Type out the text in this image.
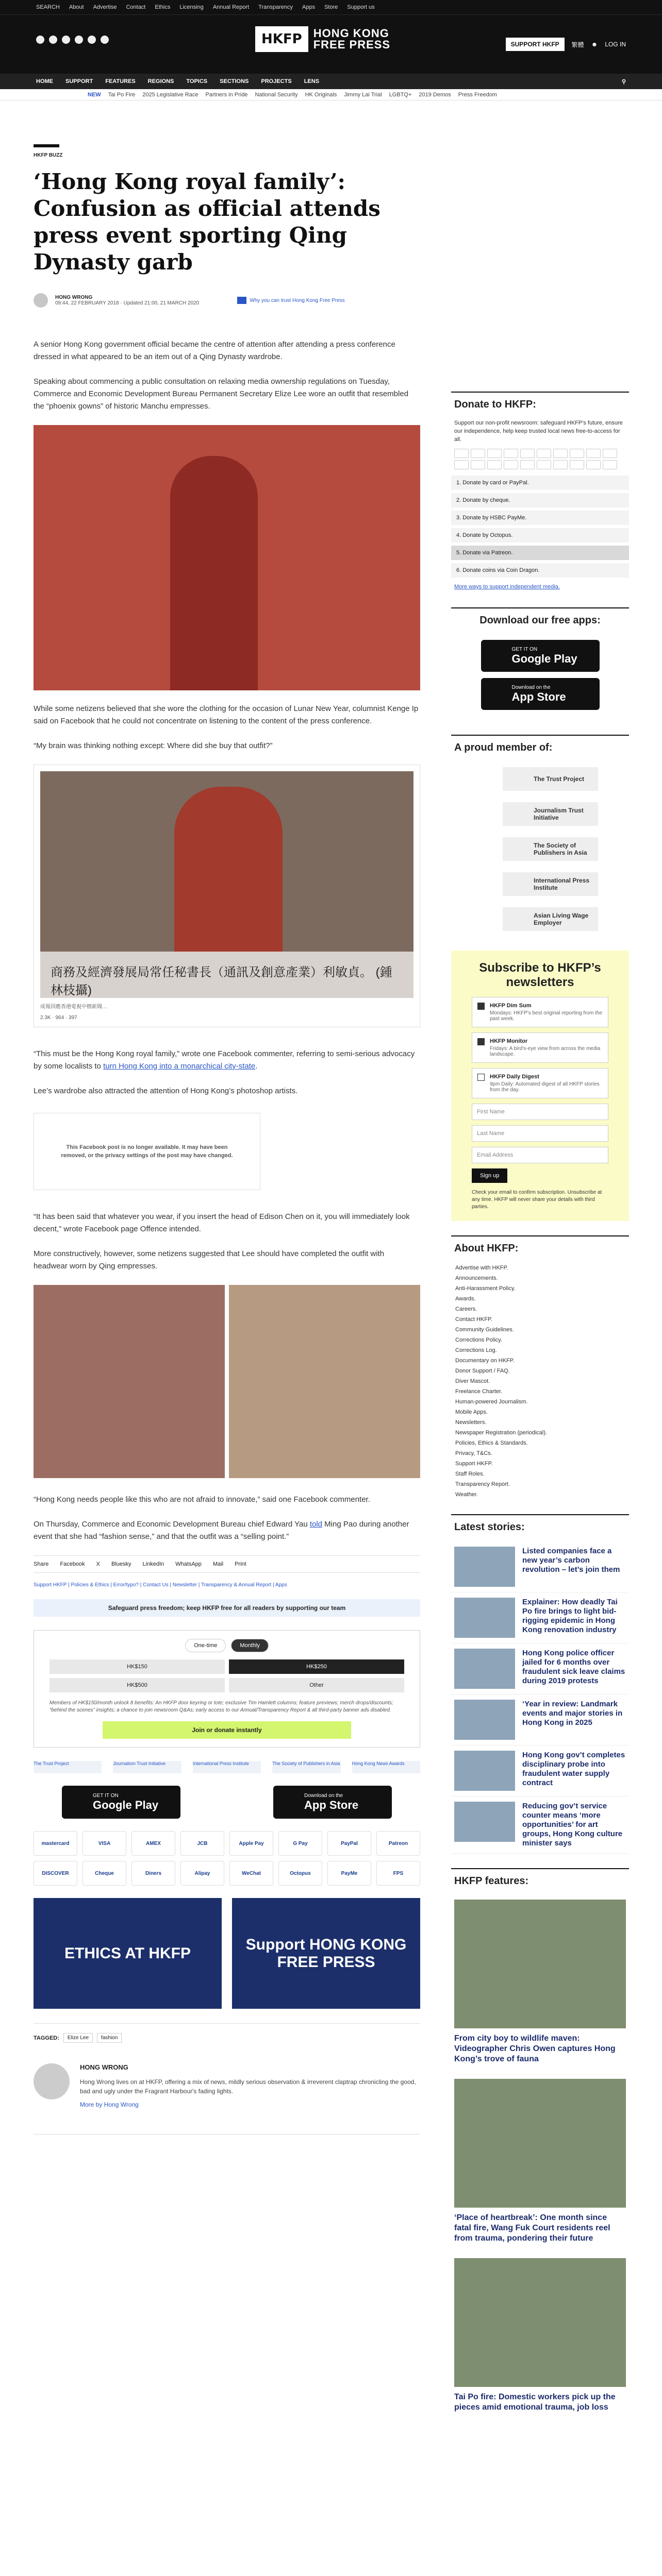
SEARCH About Advertise Contact Ethics Licensing Annual Report Transparency Apps Store Support us
HKFP	HONG KONG
FREE PRESS	SUPPORT HKFP	繁體 ☻ LOG IN
HOME SUPPORT FEATURES REGIONS TOPICS SECTIONS PROJECTS LENS	⚲
NEW Tai Po Fire 2025 Legislative Race Partners in Pride National Security HK Originals Jimmy Lai Trial LGBTQ+ 2019 Demos Press Freedom
HKFP BUZZ
‘Hong Kong royal family’: Confusion as official attends press event sporting Qing Dynasty garb
HONG WRONG
09:44, 22 FEBRUARY 2018 · Updated 21:00, 21 MARCH 2020	Why you can trust Hong Kong Free Press

A senior Hong Kong government official became the centre of attention after attending a press conference dressed in what appeared to be an item out of a Qing Dynasty wardrobe.

Speaking about commencing a public consultation on relaxing media ownership regulations on Tuesday, Commerce and Economic Development Bureau Permanent Secretary Elize Lee wore an outfit that resembled the “phoenix gowns” of historic Manchu empresses.

While some netizens believed that she wore the clothing for the occasion of Lunar New Year, columnist Kenge Ip said on Facebook that he could not concentrate on listening to the content of the press conference.

“My brain was thinking nothing except: Where did she buy that outfit?”

商務及經濟發展局常任秘書長（通訊及創意產業）利敏貞。 (鍾林枝攝)
成報因應香港電視中標新聞…
2.3K · 964 · 397

“This must be the Hong Kong royal family,” wrote one Facebook commenter, referring to semi-serious advocacy by some localists to turn Hong Kong into a monarchical city-state.

Lee’s wardrobe also attracted the attention of Hong Kong’s photoshop artists.

This Facebook post is no longer available. It may have been
removed, or the privacy settings of the post may have changed.

“It has been said that whatever you wear, if you insert the head of Edison Chen on it, you will immediately look decent,” wrote Facebook page Offence intended.

More constructively, however, some netizens suggested that Lee should have completed the outfit with headwear worn by Qing empresses.

“Hong Kong needs people like this who are not afraid to innovate,” said one Facebook commenter.

On Thursday, Commerce and Economic Development Bureau chief Edward Yau told Ming Pao during another event that she had “fashion sense,” and that the outfit was a “selling point.”

Share Facebook X Bluesky LinkedIn WhatsApp Mail Print
Support HKFP | Policies & Ethics | Error/typo? | Contact Us | Newsletter | Transparency & Annual Report | Apps
Safeguard press freedom; keep HKFP free for all readers by supporting our team
One-time	Monthly
HK$150	HK$250
HK$500	Other
Members of HK$150/month unlock 8 benefits: An HKFP door keyring or tote; exclusive Tim Hamlett columns; feature previews; merch drops/discounts; “behind the scenes” insights; a chance to join newsroom Q&As; early access to our Annual/Transparency Report & all third-party banner ads disabled.
Join or donate instantly
The Trust Project	Journalism Trust Initiative	International Press Institute	The Society of Publishers in Asia	Hong Kong News Awards
GET IT ON
Google Play
Download on the
App Store
mastercard	VISA	AMEX	JCB	Apple Pay	G Pay	PayPal	Patreon
DISCOVER	Cheque	Diners	Alipay	WeChat	Octopus	PayMe	FPS
ETHICS AT HKFP
Support HONG KONG FREE PRESS
TAGGED:	Elize Lee	fashion
HONG WRONG

Hong Wrong lives on at HKFP, offering a mix of news, mildly serious observation & irreverent claptrap chronicling the good, bad and ugly under the Fragrant Harbour's fading lights.

More by Hong Wrong

Donate to HKFP:
Support our non-profit newsroom: safeguard HKFP's future, ensure our independence, help keep trusted local news free-to-access for all.
1. Donate by card or PayPal.
2. Donate by cheque.
3. Donate by HSBC PayMe.
4. Donate by Octopus.
5. Donate via Patreon.
6. Donate coins via Coin Dragon.
More ways to support independent media.
Download our free apps:
GET IT ON
Google Play
Download on the
App Store
A proud member of:
The Trust Project
Journalism Trust Initiative
The Society of Publishers in Asia
International Press Institute
Asian Living Wage Employer
Subscribe to HKFP’s newsletters
HKFP Dim Sum
Mondays: HKFP's best original reporting from the past week.
HKFP Monitor
Fridays: A bird's-eye view from across the media landscape.
HKFP Daily Digest
9pm Daily: Automated digest of all HKFP stories from the day.
First Name
Last Name
Email Address
Sign up
Check your email to confirm subscription. Unsubscribe at any time. HKFP will never share your details with third parties.
About HKFP:
Advertise with HKFP.
Announcements.
Anti-Harassment Policy.
Awards.
Careers.
Contact HKFP.
Community Guidelines.
Corrections Policy.
Corrections Log.
Documentary on HKFP.
Donor Support / FAQ.
Diver Mascot.
Freelance Charter.
Human-powered Journalism.
Mobile Apps.
Newsletters.
Newspaper Registration (periodical).
Policies, Ethics & Standards.
Privacy, T&Cs.
Support HKFP.
Staff Roles.
Transparency Report.
Weather.
Latest stories:
Listed companies face a new year’s carbon revolution – let’s join them
Explainer: How deadly Tai Po fire brings to light bid-rigging epidemic in Hong Kong renovation industry
Hong Kong police officer jailed for 6 months over fraudulent sick leave claims during 2019 protests
‘Year in review: Landmark events and major stories in Hong Kong in 2025
Hong Kong gov’t completes disciplinary probe into fraudulent water supply contract
Reducing gov’t service counter means ‘more opportunities’ for art groups, Hong Kong culture minister says
HKFP features:
From city boy to wildlife maven: Videographer Chris Owen captures Hong Kong’s trove of fauna
‘Place of heartbreak’: One month since fatal fire, Wang Fuk Court residents reel from trauma, pondering their future
Tai Po fire: Domestic workers pick up the pieces amid emotional trauma, job loss
